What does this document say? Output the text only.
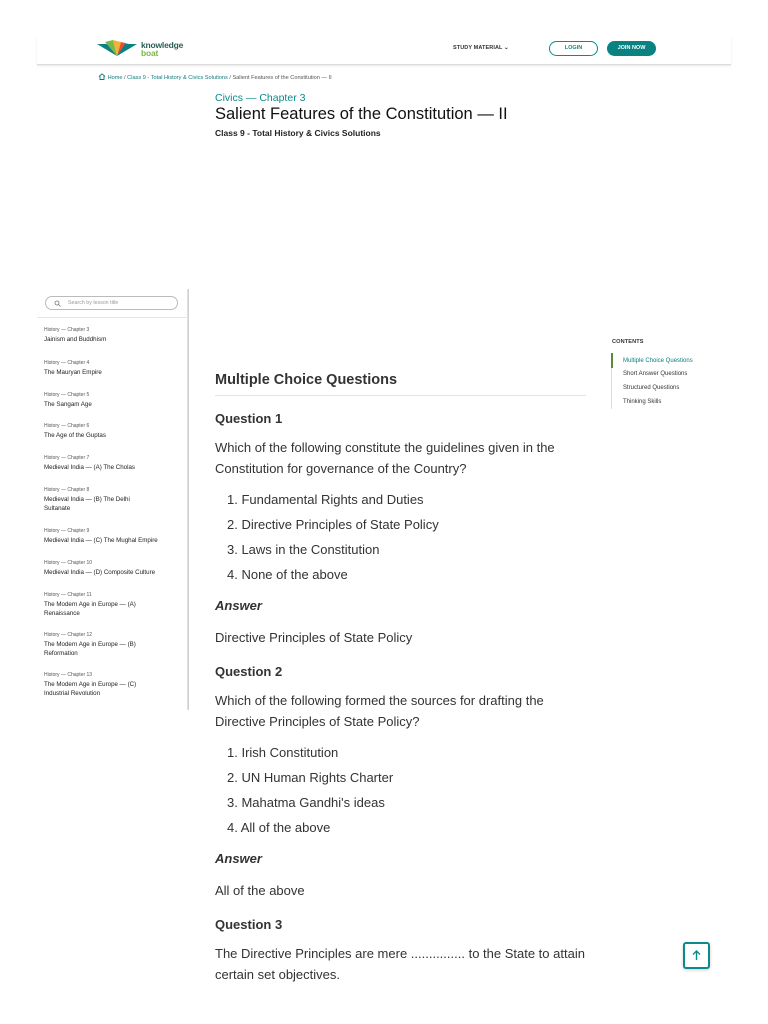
knowledge
boat	STUDY MATERIAL ⌄	LOGIN	JOIN NOW
Home / Class 9 - Total History & Civics Solutions / Salient Features of the Constitution — II
Civics — Chapter 3
Salient Features of the Constitution — II
Class 9 - Total History & Civics Solutions
Search by lesson title
History — Chapter 3
Jainism and Buddhism
History — Chapter 4
The Mauryan Empire
History — Chapter 5
The Sangam Age
History — Chapter 6
The Age of the Guptas
History — Chapter 7
Medieval India — (A) The Cholas
History — Chapter 8
Medieval India — (B) The Delhi Sultanate
History — Chapter 9
Medieval India — (C) The Mughal Empire
History — Chapter 10
Medieval India — (D) Composite Culture
History — Chapter 11
The Modern Age in Europe — (A) Renaissance
History — Chapter 12
The Modern Age in Europe — (B) Reformation
History — Chapter 13
The Modern Age in Europe — (C) Industrial Revolution
CONTENTS
Multiple Choice Questions
Short Answer Questions
Structured Questions
Thinking Skills
Multiple Choice Questions
Question 1
Which of the following constitute the guidelines given in the Constitution for governance of the Country?
1. Fundamental Rights and Duties
2. Directive Principles of State Policy
3. Laws in the Constitution
4. None of the above
Answer
Directive Principles of State Policy
Question 2
Which of the following formed the sources for drafting the Directive Principles of State Policy?
1. Irish Constitution
2. UN Human Rights Charter
3. Mahatma Gandhi's ideas
4. All of the above
Answer
All of the above
Question 3
The Directive Principles are mere ............... to the State to attain certain set objectives.
